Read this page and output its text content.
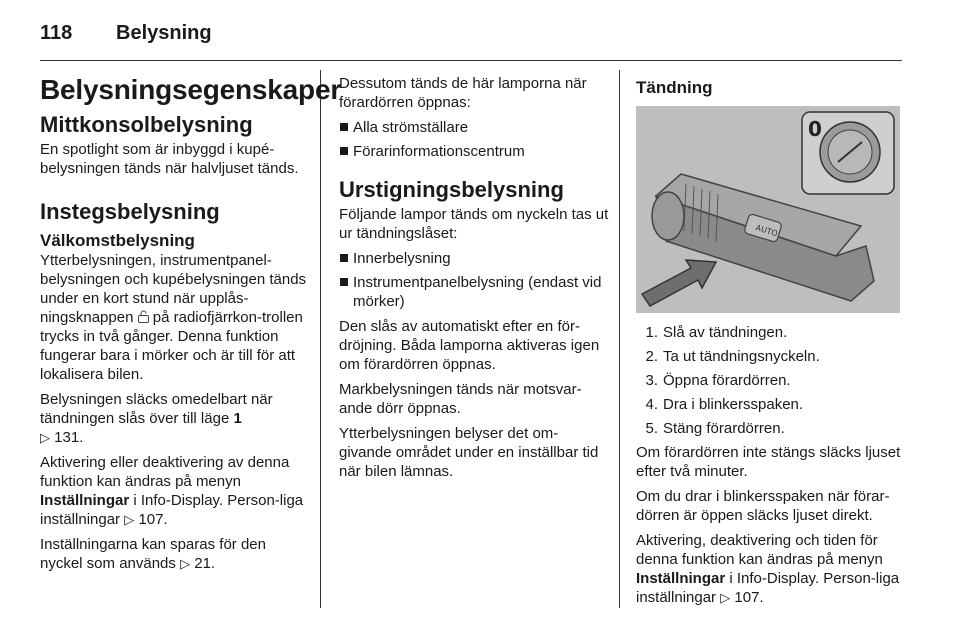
118	Belysning
Belysningsegenskaper
Mittkonsolbelysning

En spotlight som är inbyggd i kupé-belysningen tänds när halvljuset tänds.

Instegsbelysning
Välkomstbelysning

Ytterbelysningen, instrumentpanel-belysningen och kupébelysningen tänds under en kort stund när upplås-ningsknappen på radiofjärrkon-trollen trycks in två gånger. Denna funktion fungerar bara i mörker och är till för att lokalisera bilen.

Belysningen släcks omedelbart när tändningen slås över till läge 1
▷ 131.

Aktivering eller deaktivering av denna funktion kan ändras på menyn Inställningar i Info-Display. Person-liga inställningar ▷ 107.

Inställningarna kan sparas för den nyckel som används ▷ 21.

Dessutom tänds de här lamporna när förardörren öppnas:

Alla strömställare
Förarinformationscentrum
Urstigningsbelysning

Följande lampor tänds om nyckeln tas ut ur tändningslåset:

Innerbelysning
Instrumentpanelbelysning (endast vid mörker)

Den slås av automatiskt efter en för-dröjning. Båda lamporna aktiveras igen om förardörren öppnas.

Markbelysningen tänds när motsvar-ande dörr öppnas.

Ytterbelysningen belyser det om-givande området under en inställbar tid när bilen lämnas.

Tändning
AUTO
0
1. Slå av tändningen.
2. Ta ut tändningsnyckeln.
3. Öppna förardörren.
4. Dra i blinkersspaken.
5. Stäng förardörren.

Om förardörren inte stängs släcks ljuset efter två minuter.

Om du drar i blinkersspaken när förar-dörren är öppen släcks ljuset direkt.

Aktivering, deaktivering och tiden för denna funktion kan ändras på menyn Inställningar i Info-Display. Person-liga inställningar ▷ 107.
